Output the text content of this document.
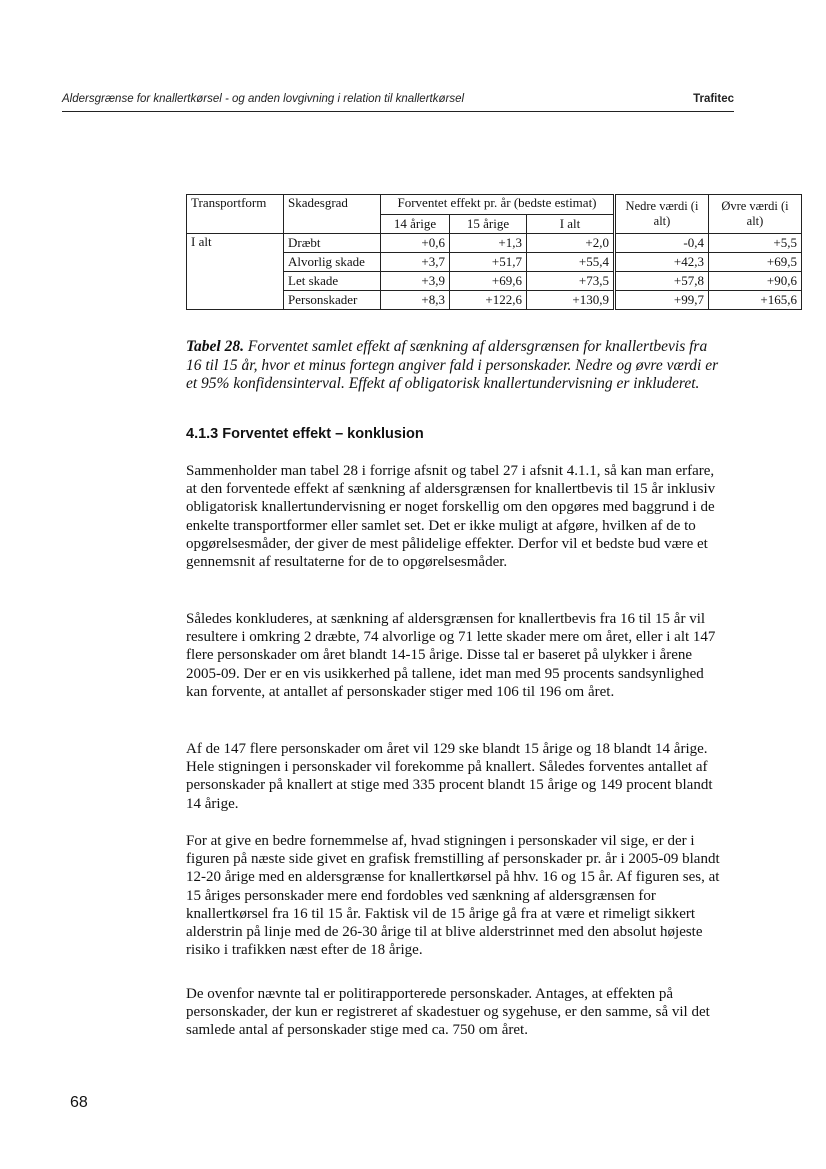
Aldersgrænse for knallertkørsel - og anden lovgivning i relation til knallertkørsel	Trafitec
Transportform	Skadesgrad	Forventet effekt pr. år (bedste estimat)			Nedre værdi (i alt)	Øvre værdi (i alt)
		14 årige	15 årige	I alt		
I alt	Dræbt	+0,6	+1,3	+2,0	-0,4	+5,5
	Alvorlig skade	+3,7	+51,7	+55,4	+42,3	+69,5
	Let skade	+3,9	+69,6	+73,5	+57,8	+90,6
	Personskader	+8,3	+122,6	+130,9	+99,7	+165,6
Tabel 28. Forventet samlet effekt af sænkning af aldersgrænsen for knallertbevis fra 16 til 15 år, hvor et minus fortegn angiver fald i personskader. Nedre og øvre værdi er et 95% konfidensinterval. Effekt af obligatorisk knallertundervisning er inkluderet.
4.1.3 Forventet effekt – konklusion

Sammenholder man tabel 28 i forrige afsnit og tabel 27 i afsnit 4.1.1, så kan man erfare, at den forventede effekt af sænkning af aldersgrænsen for knallertbevis til 15 år inklusiv obligatorisk knallertundervisning er noget forskellig om den opgøres med baggrund i de enkelte transportformer eller samlet set. Det er ikke muligt at afgøre, hvilken af de to opgørelsesmåder, der giver de mest pålidelige effekter. Derfor vil et bedste bud være et gennemsnit af resultaterne for de to opgørelsesmåder.

Således konkluderes, at sænkning af aldersgrænsen for knallertbevis fra 16 til 15 år vil resultere i omkring 2 dræbte, 74 alvorlige og 71 lette skader mere om året, eller i alt 147 flere personskader om året blandt 14-15 årige. Disse tal er baseret på ulykker i årene 2005-09. Der er en vis usikkerhed på tallene, idet man med 95 procents sandsynlighed kan forvente, at antallet af personskader stiger med 106 til 196 om året.

Af de 147 flere personskader om året vil 129 ske blandt 15 årige og 18 blandt 14 årige. Hele stigningen i personskader vil forekomme på knallert. Således forventes antallet af personskader på knallert at stige med 335 procent blandt 15 årige og 149 procent blandt 14 årige.

For at give en bedre fornemmelse af, hvad stigningen i personskader vil sige, er der i figuren på næste side givet en grafisk fremstilling af personskader pr. år i 2005-09 blandt 12-20 årige med en aldersgrænse for knallertkørsel på hhv. 16 og 15 år. Af figuren ses, at 15 åriges personskader mere end fordobles ved sænkning af aldersgrænsen for knallertkørsel fra 16 til 15 år. Faktisk vil de 15 årige gå fra at være et rimeligt sikkert alderstrin på linje med de 26-30 årige til at blive alderstrinnet med den absolut højeste risiko i trafikken næst efter de 18 årige.

De ovenfor nævnte tal er politirapporterede personskader. Antages, at effekten på personskader, der kun er registreret af skadestuer og sygehuse, er den samme, så vil det samlede antal af personskader stige med ca. 750 om året.

68
